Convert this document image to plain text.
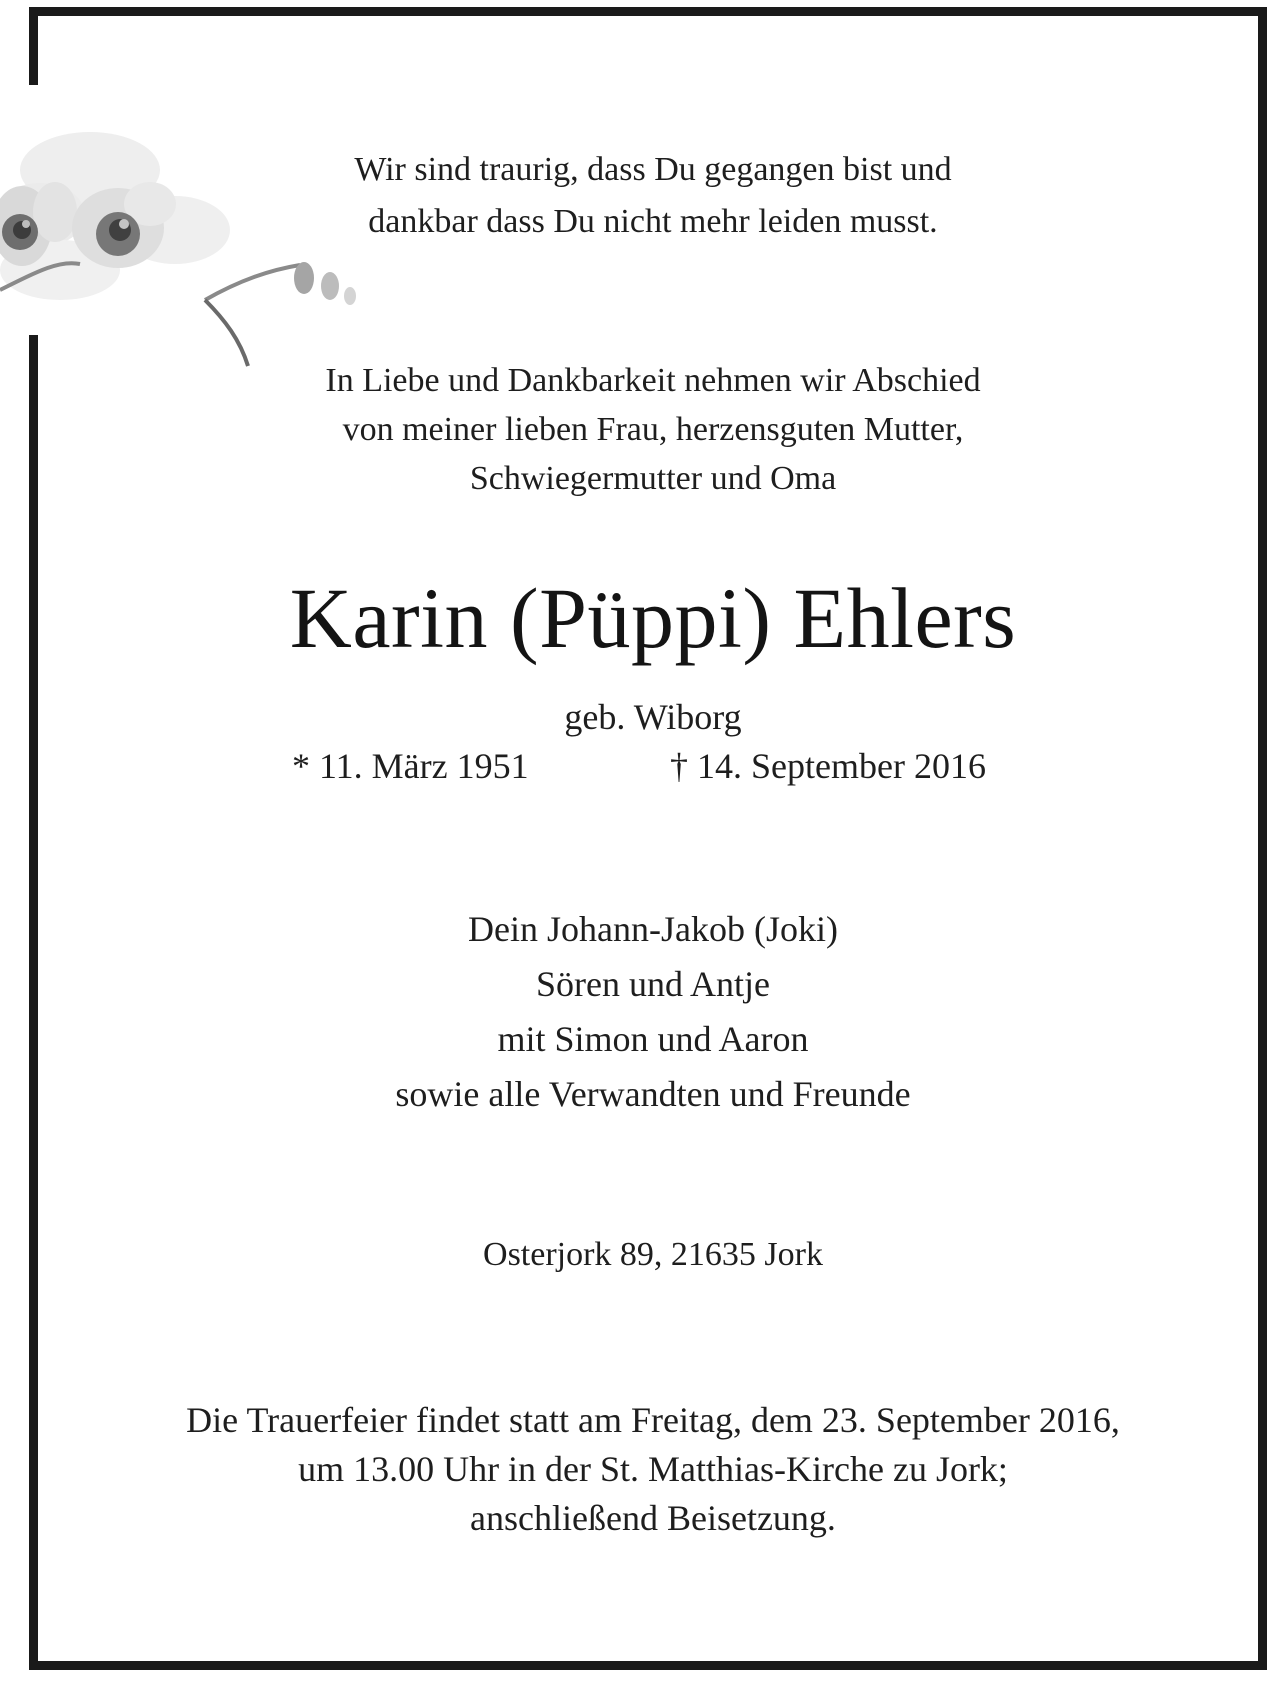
Wir sind traurig, dass Du gegangen bist und
dankbar dass Du nicht mehr leiden musst.
In Liebe und Dankbarkeit nehmen wir Abschied
von meiner lieben Frau, herzensguten Mutter,
Schwiegermutter und Oma
Karin (Püppi) Ehlers
geb. Wiborg
* 11. März 1951	† 14. September 2016
Dein Johann-Jakob (Joki)
Sören und Antje
mit Simon und Aaron
sowie alle Verwandten und Freunde
Osterjork 89, 21635 Jork
Die Trauerfeier findet statt am Freitag, dem 23. September 2016,
um 13.00 Uhr in der St. Matthias-Kirche zu Jork;
anschließend Beisetzung.
